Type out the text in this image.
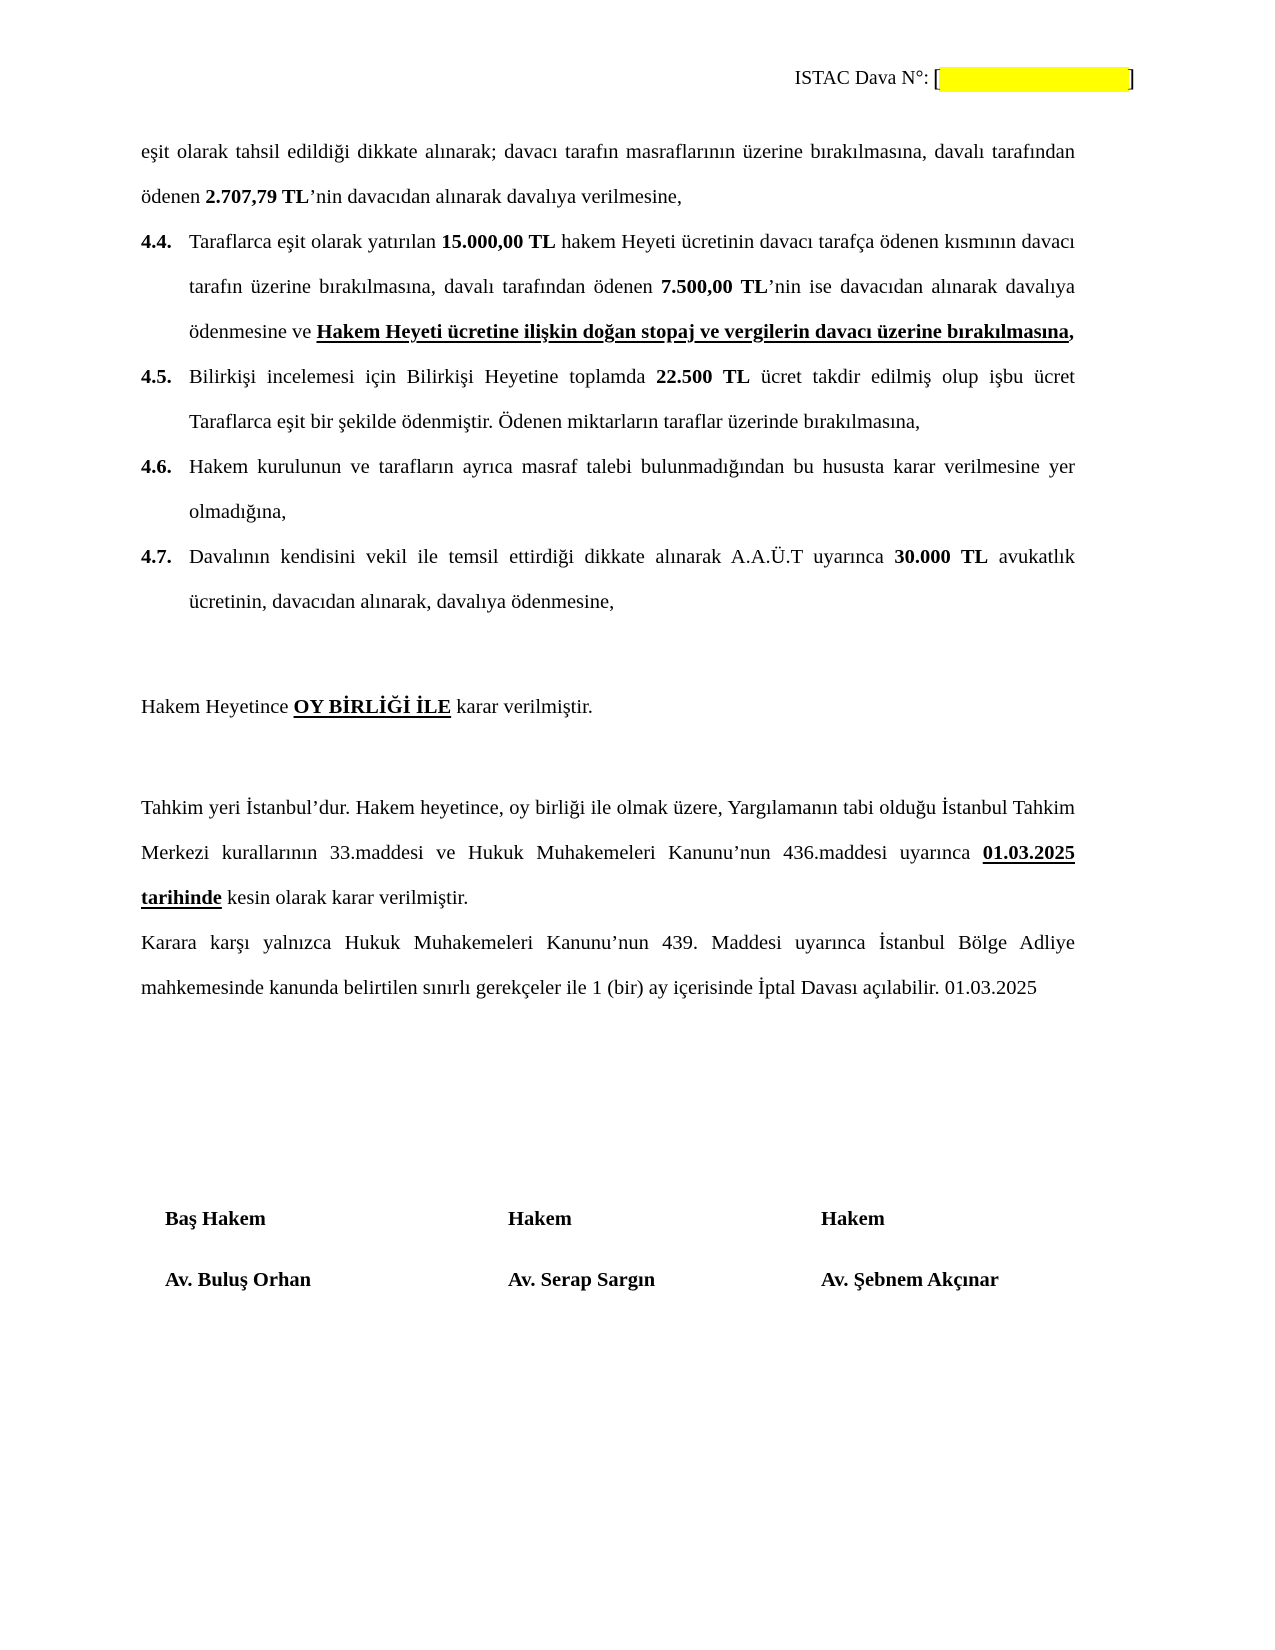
ISTAC Dava N°: [	]

eşit olarak tahsil edildiği dikkate alınarak; davacı tarafın masraflarının üzerine bırakılmasına, davalı tarafından ödenen 2.707,79 TL’nin davacıdan alınarak davalıya verilmesine,

4.4. Taraflarca eşit olarak yatırılan 15.000,00 TL hakem Heyeti ücretinin davacı tarafça ödenen kısmının davacı tarafın üzerine bırakılmasına, davalı tarafından ödenen 7.500,00 TL’nin ise davacıdan alınarak davalıya ödenmesine ve Hakem Heyeti ücretine ilişkin doğan stopaj ve vergilerin davacı üzerine bırakılmasına,

4.5. Bilirkişi incelemesi için Bilirkişi Heyetine toplamda 22.500 TL ücret takdir edilmiş olup işbu ücret Taraflarca eşit bir şekilde ödenmiştir. Ödenen miktarların taraflar üzerinde bırakılmasına,

4.6. Hakem kurulunun ve tarafların ayrıca masraf talebi bulunmadığından bu hususta karar verilmesine yer olmadığına,

4.7. Davalının kendisini vekil ile temsil ettirdiği dikkate alınarak A.A.Ü.T uyarınca 30.000 TL avukatlık ücretinin, davacıdan alınarak, davalıya ödenmesine,

Hakem Heyetince OY BİRLİĞİ İLE karar verilmiştir.

Tahkim yeri İstanbul’dur. Hakem heyetince, oy birliği ile olmak üzere, Yargılamanın tabi olduğu İstanbul Tahkim Merkezi kurallarının 33.maddesi ve Hukuk Muhakemeleri Kanunu’nun 436.maddesi uyarınca 01.03.2025 tarihinde kesin olarak karar verilmiştir.

Karara karşı yalnızca Hukuk Muhakemeleri Kanunu’nun 439. Maddesi uyarınca İstanbul Bölge Adliye mahkemesinde kanunda belirtilen sınırlı gerekçeler ile 1 (bir) ay içerisinde İptal Davası açılabilir. 01.03.2025

Baş Hakem	Hakem	Hakem
Av. Buluş Orhan	Av. Serap Sargın	Av. Şebnem Akçınar
